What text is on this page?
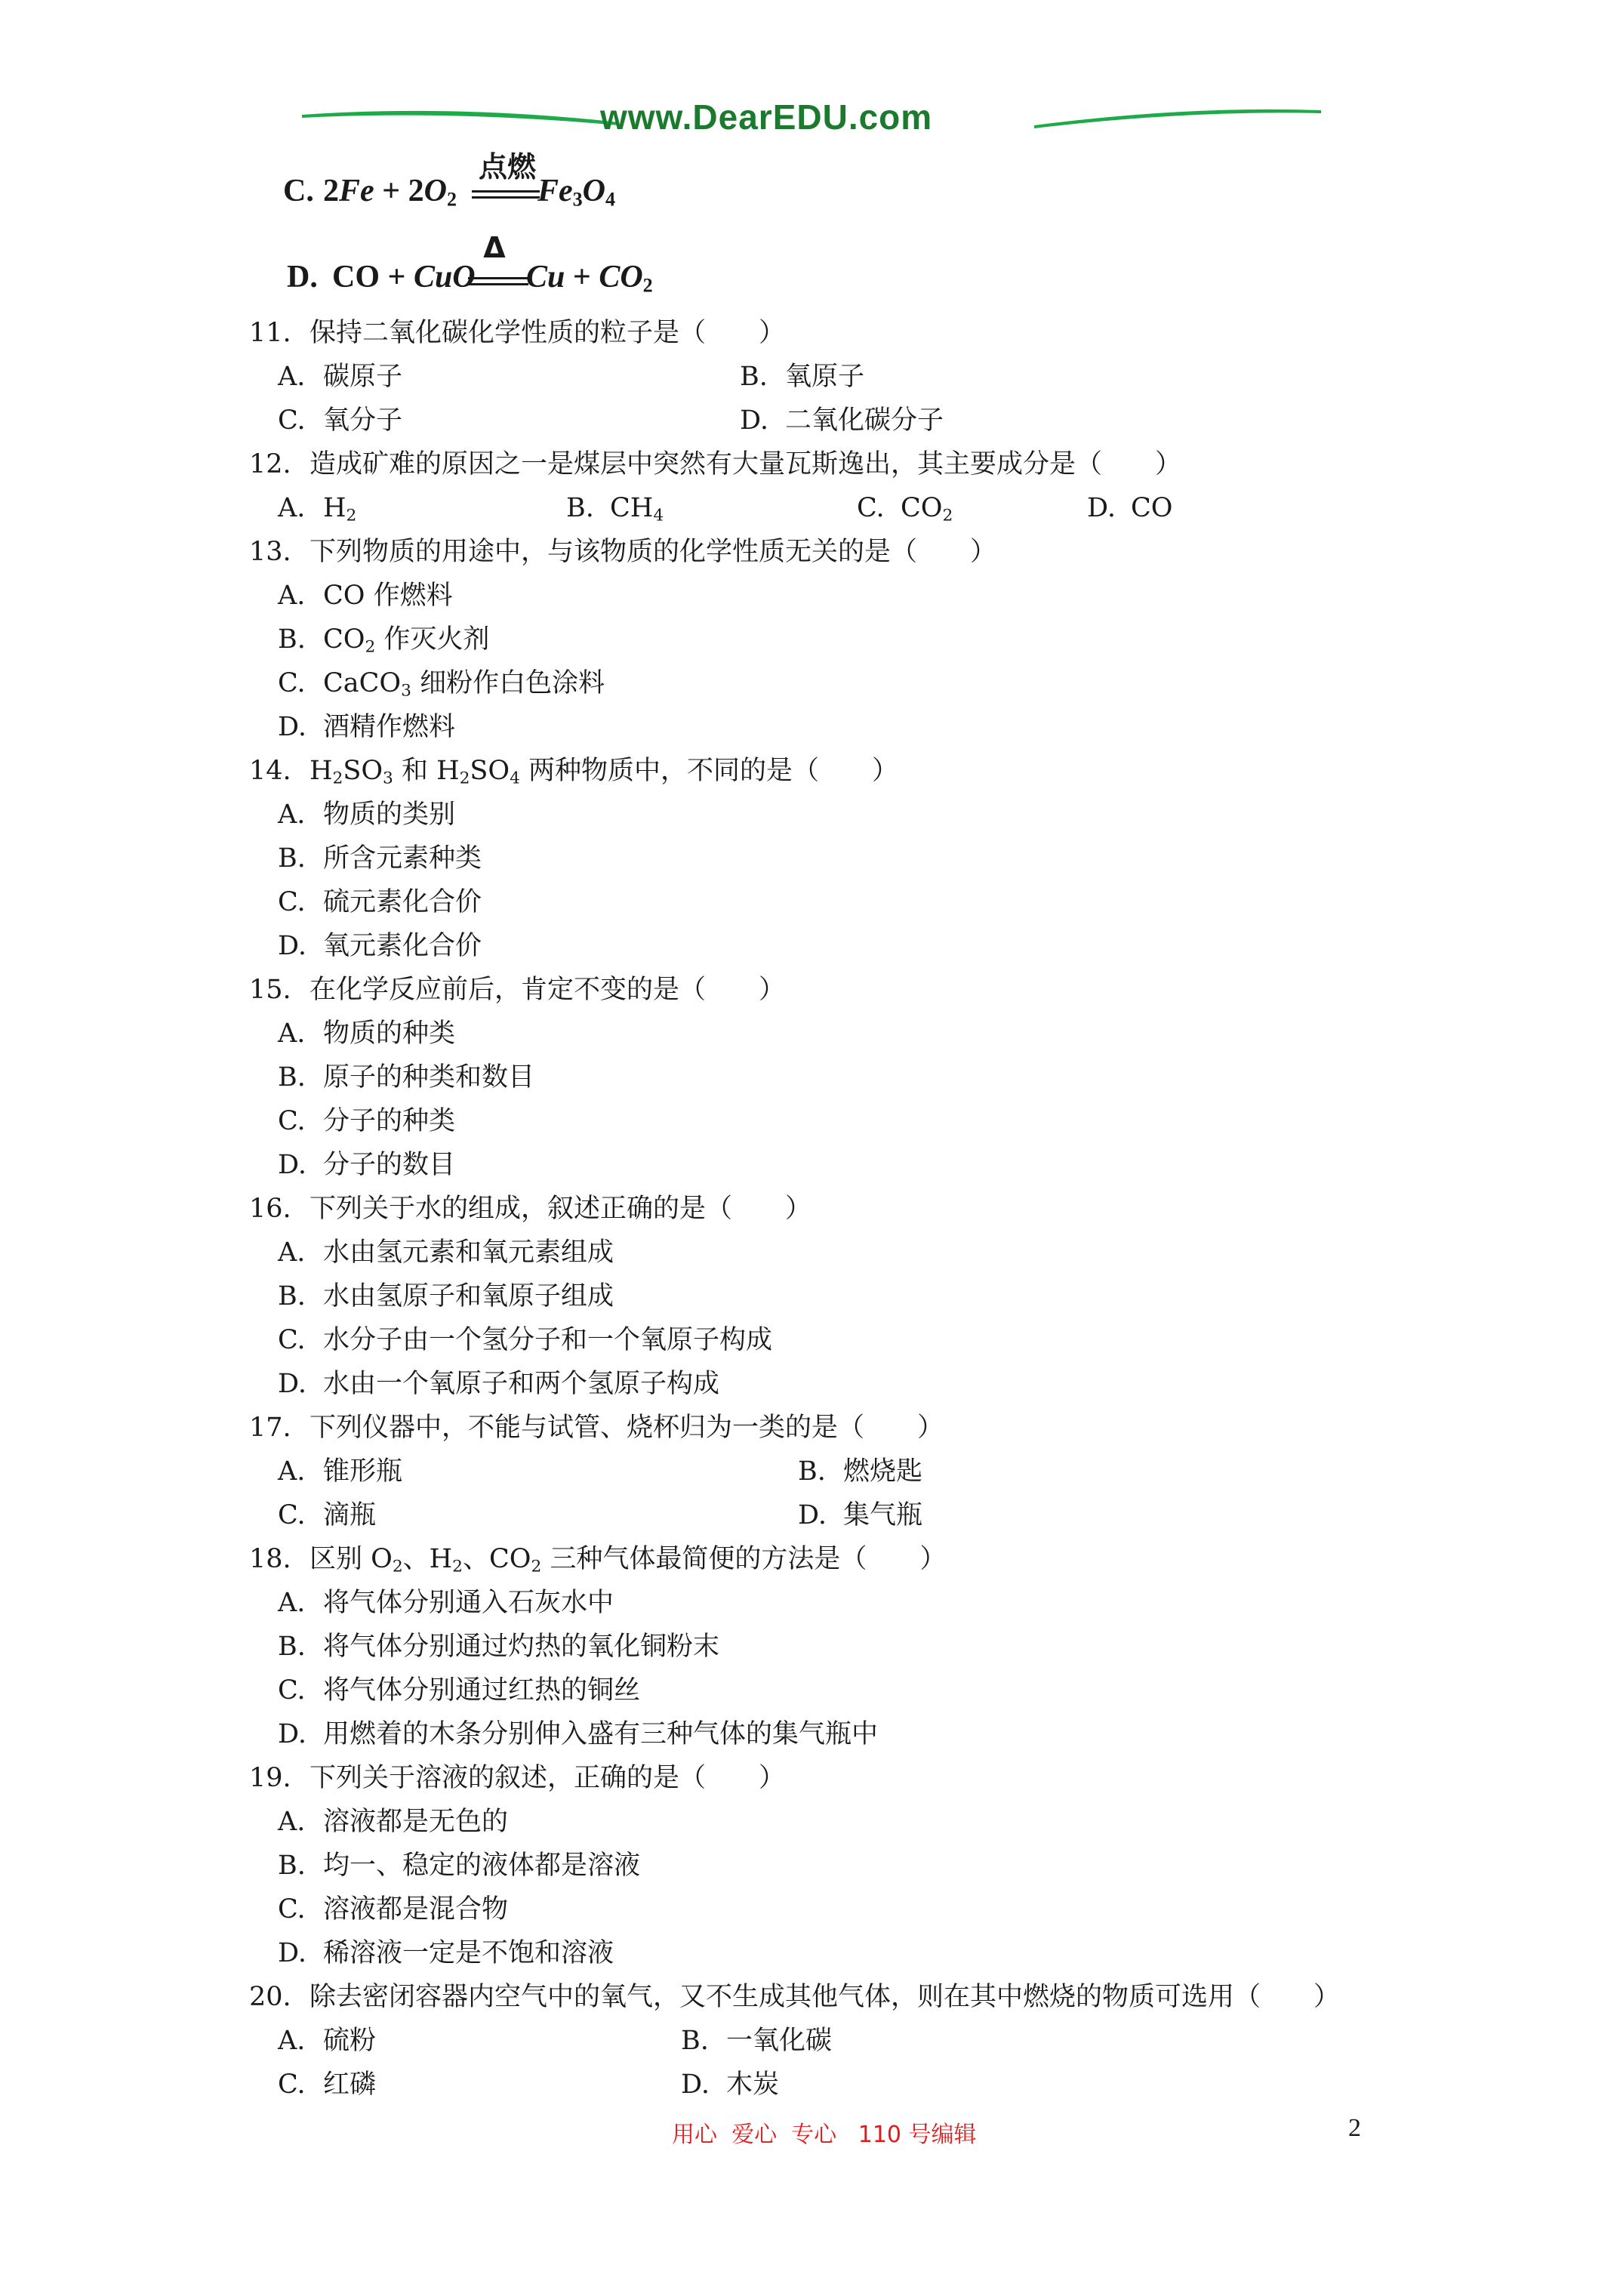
www.DearEDU.com
C. $2Fe + 2O_2$
点燃
$Fe_3O_4$
D. CO + CuO
Δ
$Cu + CO_2$
11. 保持二氧化碳化学性质的粒子是（　　）
A. 碳原子	B. 氧原子
C. 氧分子	D. 二氧化碳分子
12. 造成矿难的原因之一是煤层中突然有大量瓦斯逸出，其主要成分是（　　）
A. $H_2$	B. $CH_4$	C. $CO_2$	D. CO
13. 下列物质的用途中，与该物质的化学性质无关的是（　　）
A. CO 作燃料
B. $CO_2$ 作灭火剂
C. CaCO$_3$ 细粉作白色涂料
D. 酒精作燃料
14. $H_2SO_3$ 和 $H_2SO_4$ 两种物质中，不同的是（　　）
A. 物质的类别
B. 所含元素种类
C. 硫元素化合价
D. 氧元素化合价
15. 在化学反应前后，肯定不变的是（　　）
A. 物质的种类
B. 原子的种类和数目
C. 分子的种类
D. 分子的数目
16. 下列关于水的组成，叙述正确的是（　　）
A. 水由氢元素和氧元素组成
B. 水由氢原子和氧原子组成
C. 水分子由一个氢分子和一个氧原子构成
D. 水由一个氧原子和两个氢原子构成
17. 下列仪器中，不能与试管、烧杯归为一类的是（　　）
A. 锥形瓶	B. 燃烧匙
C. 滴瓶	D. 集气瓶
18. 区别 $O_2$、$H_2$、$CO_2$ 三种气体最简便的方法是（　　）
A. 将气体分别通入石灰水中
B. 将气体分别通过灼热的氧化铜粉末
C. 将气体分别通过红热的铜丝
D. 用燃着的木条分别伸入盛有三种气体的集气瓶中
19. 下列关于溶液的叙述，正确的是（　　）
A. 溶液都是无色的
B. 均一、稳定的液体都是溶液
C. 溶液都是混合物
D. 稀溶液一定是不饱和溶液
20. 除去密闭容器内空气中的氧气，又不生成其他气体，则在其中燃烧的物质可选用（　　）
A. 硫粉	B. 一氧化碳
C. 红磷	D. 木炭
用心  爱心  专心   110 号编辑	2
